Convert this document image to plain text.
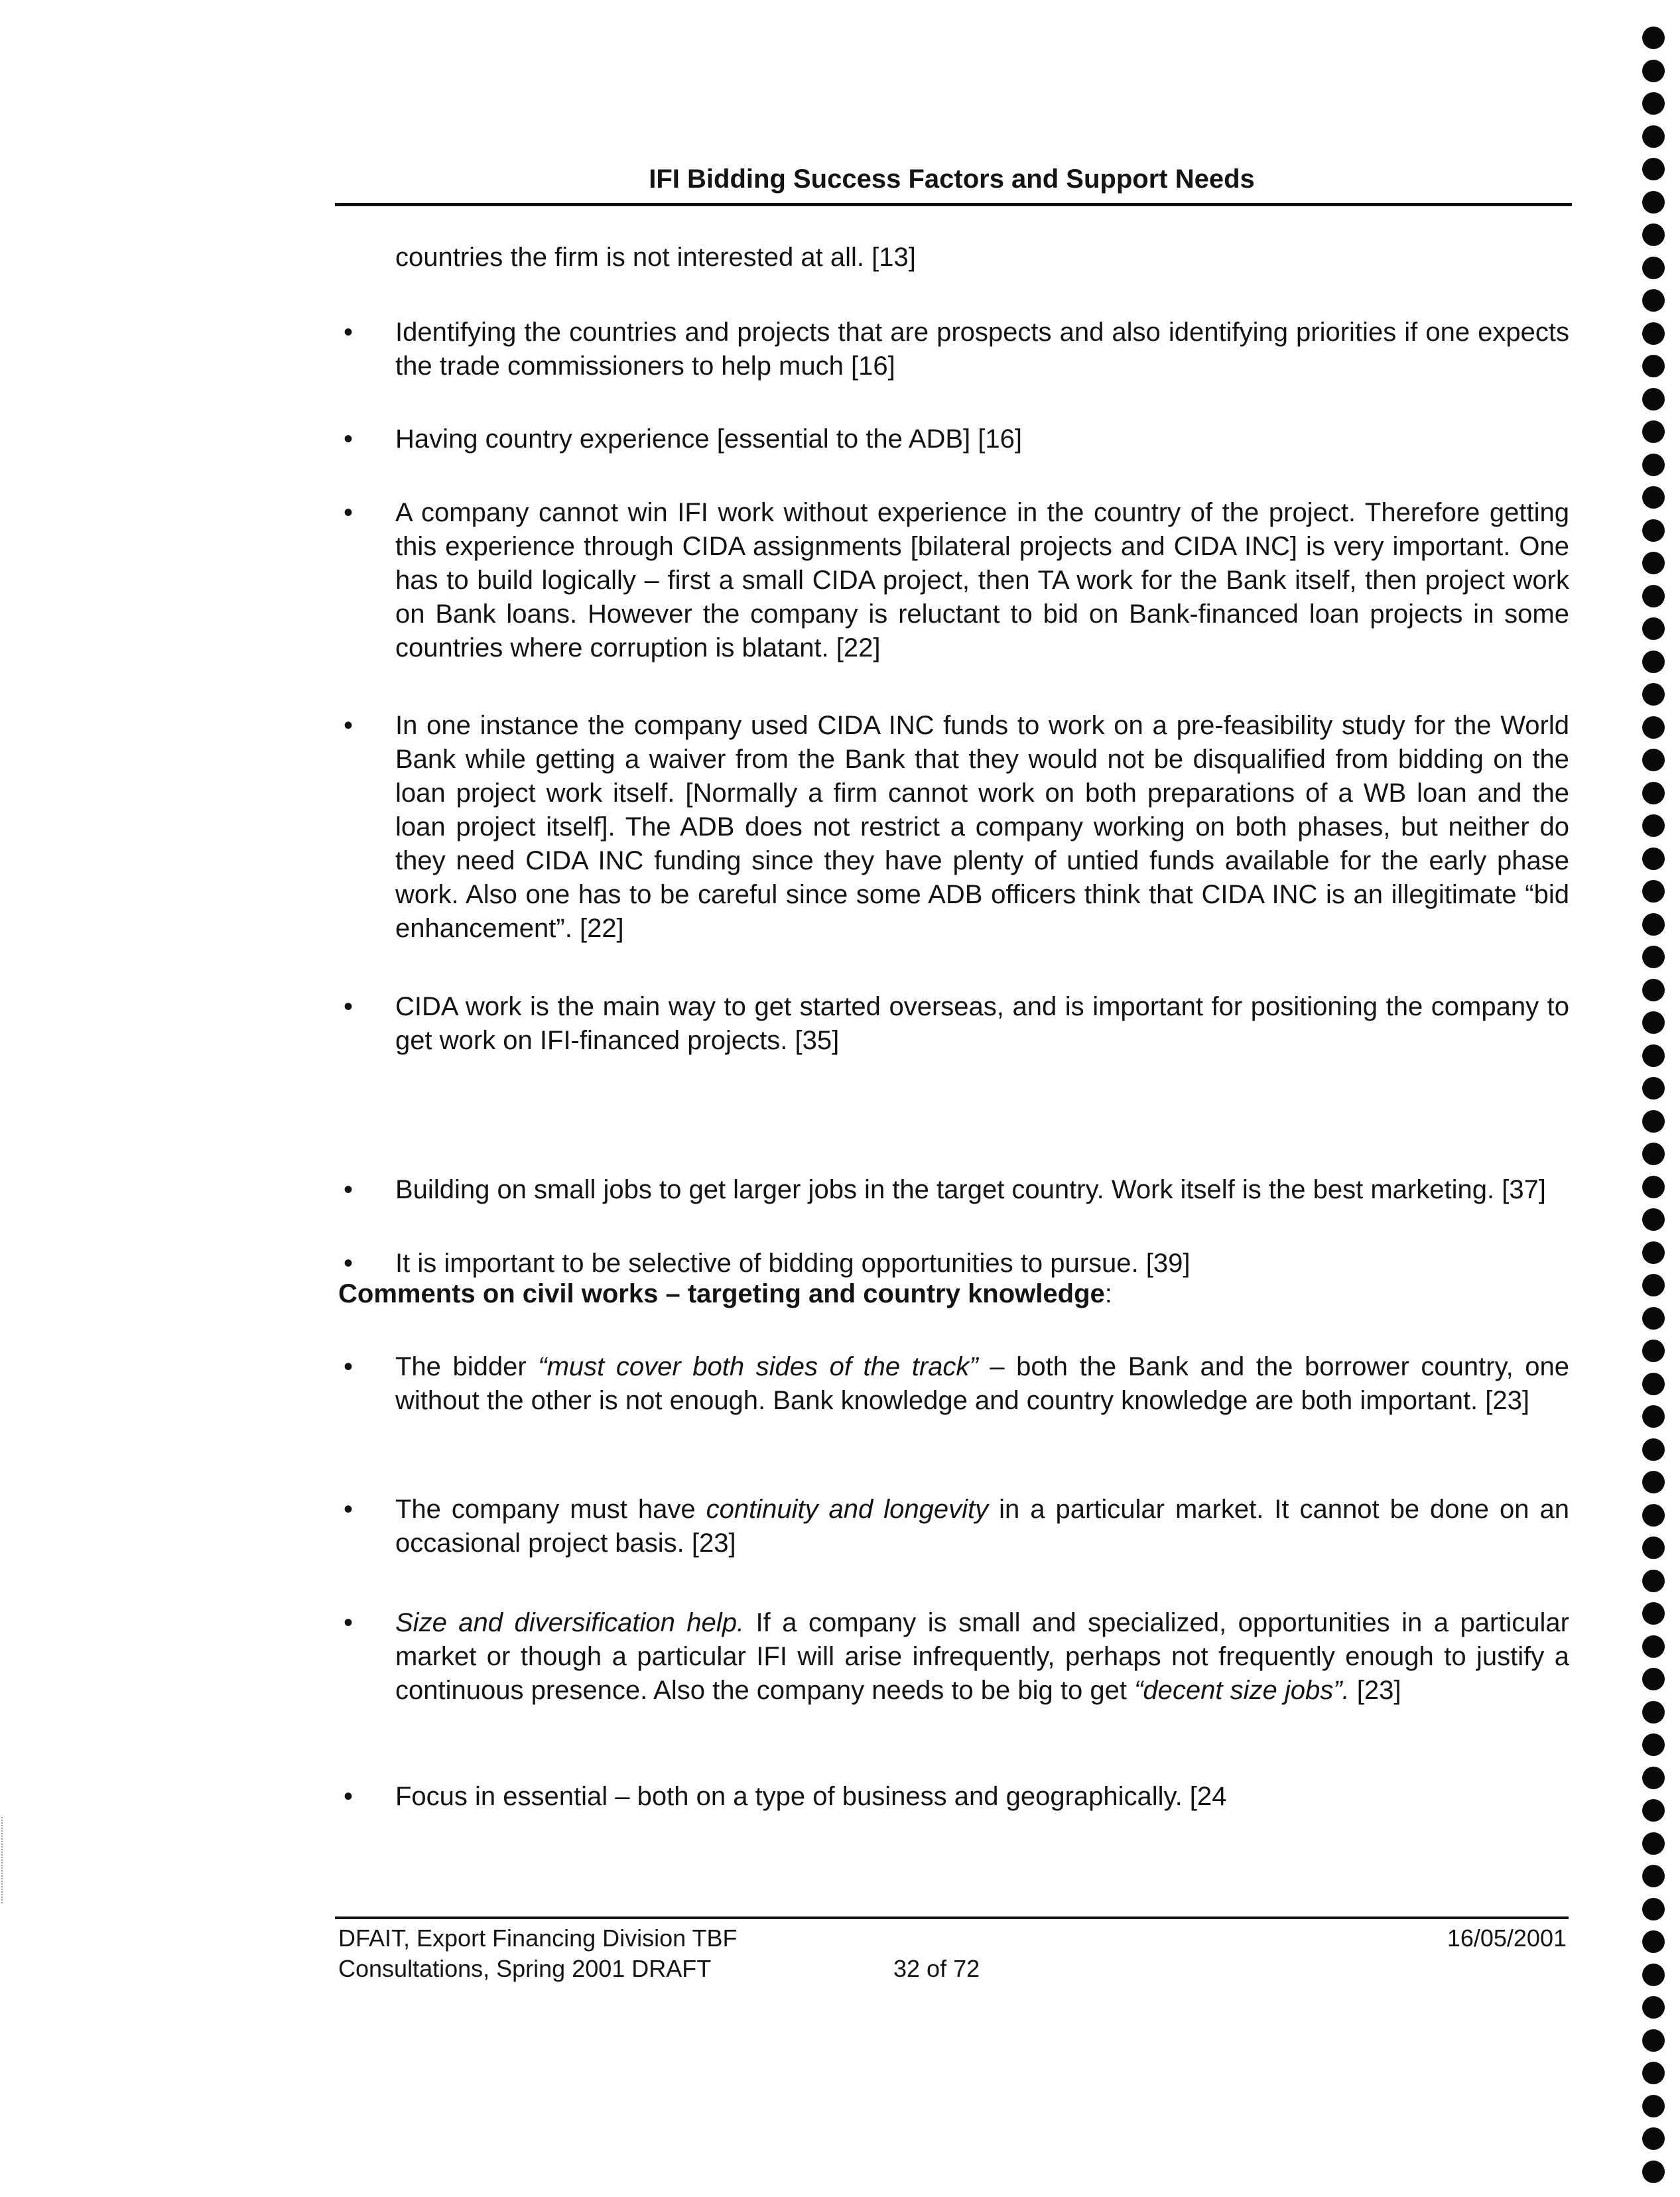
IFI Bidding Success Factors and Support Needs
countries the firm is not interested at all. [13]
• Identifying the countries and projects that are prospects and also identifying priorities if one expects the trade commissioners to help much [16]
• Having country experience [essential to the ADB] [16]
• A company cannot win IFI work without experience in the country of the project. Therefore getting this experience through CIDA assignments [bilateral projects and CIDA INC] is very important. One has to build logically – first a small CIDA project, then TA work for the Bank itself, then project work on Bank loans. However the company is reluctant to bid on Bank-financed loan projects in some countries where corruption is blatant. [22]
• In one instance the company used CIDA INC funds to work on a pre-feasibility study for the World Bank while getting a waiver from the Bank that they would not be disqualified from bidding on the loan project work itself. [Normally a firm cannot work on both preparations of a WB loan and the loan project itself]. The ADB does not restrict a company working on both phases, but neither do they need CIDA INC funding since they have plenty of untied funds available for the early phase work. Also one has to be careful since some ADB officers think that CIDA INC is an illegitimate “bid enhancement”. [22]
• CIDA work is the main way to get started overseas, and is important for positioning the company to get work on IFI-financed projects. [35]
• Building on small jobs to get larger jobs in the target country. Work itself is the best marketing. [37]
• It is important to be selective of bidding opportunities to pursue. [39]
Comments on civil works – targeting and country knowledge:
• The bidder “must cover both sides of the track” – both the Bank and the borrower country, one without the other is not enough. Bank knowledge and country knowledge are both important. [23]
• The company must have continuity and longevity in a particular market. It cannot be done on an occasional project basis. [23]
• Size and diversification help. If a company is small and specialized, opportunities in a particular market or though a particular IFI will arise infrequently, perhaps not frequently enough to justify a continuous presence. Also the company needs to be big to get “decent size jobs”. [23]
• Focus in essential – both on a type of business and geographically. [24
DFAIT, Export Financing Division TBF
Consultations, Spring 2001 DRAFT	32 of 72
16/05/2001
